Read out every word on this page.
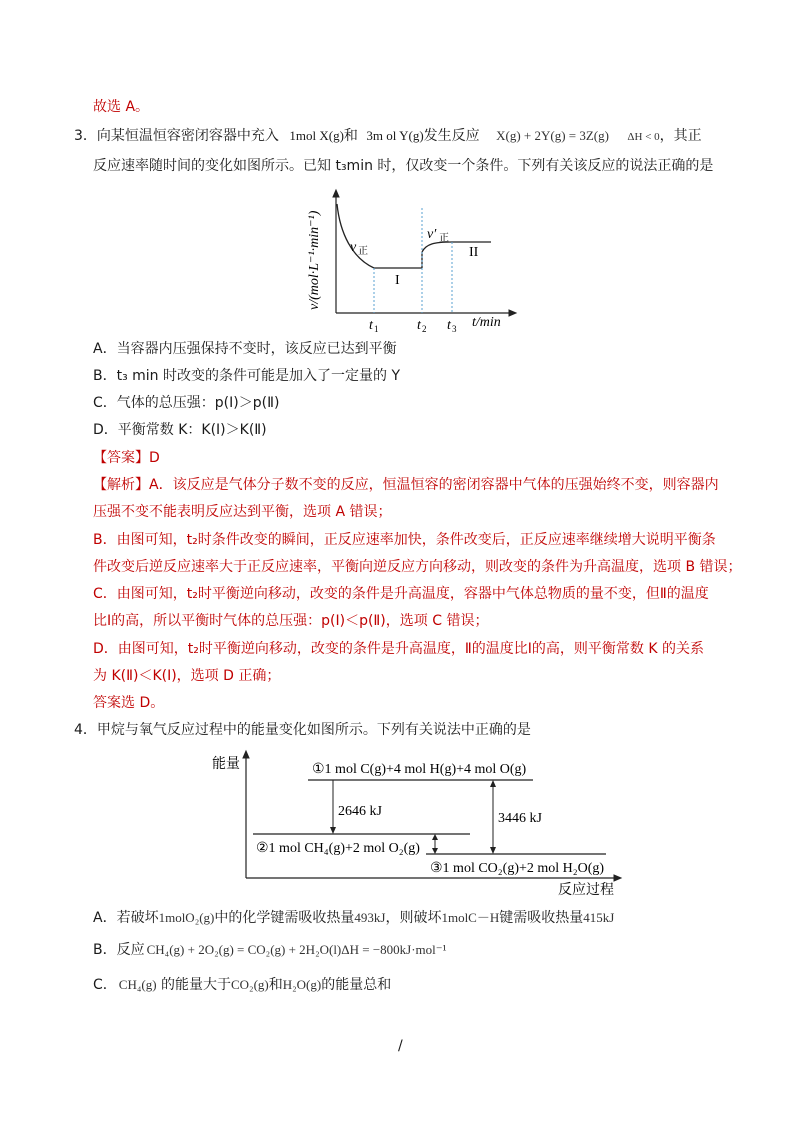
故选 A。
3．向某恒温恒容密闭容器中充入 1mol X(g)和 3m ol Y(g)发生反应 X(g) + 2Y(g) = 3Z(g) ΔH < 0，其正
反应速率随时间的变化如图所示。已知 t₃min 时，仅改变一个条件。下列有关该反应的说法正确的是
v/(mol·L⁻¹·min⁻¹) v 正
v′ 正
I
II
t 1	t 2 t 3 t/min
A．当容器内压强保持不变时，该反应已达到平衡
B．t₃ min 时改变的条件可能是加入了一定量的 Y
C．气体的总压强：p(Ⅰ)＞p(Ⅱ)
D．平衡常数 K：K(Ⅰ)＞K(Ⅱ)
【答案】D
【解析】A．该反应是气体分子数不变的反应，恒温恒容的密闭容器中气体的压强始终不变，则容器内
压强不变不能表明反应达到平衡，选项 A 错误；
B．由图可知，t₂时条件改变的瞬间，正反应速率加快，条件改变后，正反应速率继续增大说明平衡条
件改变后逆反应速率大于正反应速率，平衡向逆反应方向移动，则改变的条件为升高温度，选项 B 错误；
C．由图可知，t₂时平衡逆向移动，改变的条件是升高温度，容器中气体总物质的量不变，但Ⅱ的温度
比Ⅰ的高，所以平衡时气体的总压强：p(Ⅰ)＜p(Ⅱ)，选项 C 错误；
D．由图可知，t₂时平衡逆向移动，改变的条件是升高温度，Ⅱ的温度比Ⅰ的高，则平衡常数 K 的关系
为 K(Ⅱ)＜K(Ⅰ)，选项 D 正确；
答案选 D。
4．甲烷与氧气反应过程中的能量变化如图所示。下列有关说法中正确的是
能量	①1 mol C(g)+4 mol H(g)+4 mol O(g)
②1 mol CH₄(g)+2 mol O₂(g)
③1 mol CO₂(g)+2 mol H₂O(g)
2646 kJ	3446 kJ
反应过程
A．若破坏1molO₂(g)中的化学键需吸收热量493kJ，则破坏1molC－H键需吸收热量415kJ
B．反应 CH₄(g) + 2O₂(g) = CO₂(g) + 2H₂O(l)ΔH = −800kJ·mol⁻¹
C． CH₄(g) 的能量大于CO₂(g)和H₂O(g)的能量总和
/
